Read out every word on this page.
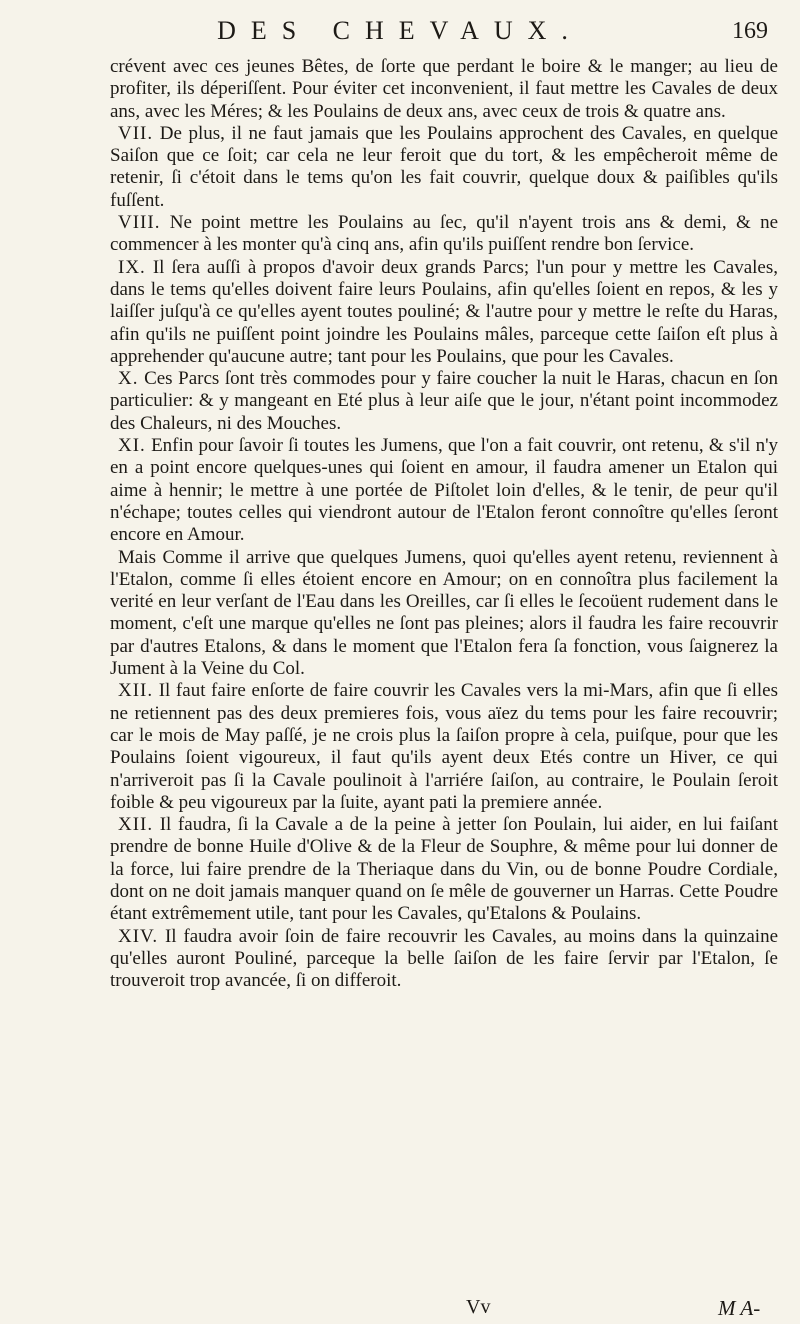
DES CHEVAUX.	169

crévent avec ces jeunes Bêtes, de ſorte que perdant le boire & le manger; au lieu de profiter, ils déperiſſent. Pour éviter cet inconvenient, il faut mettre les Cavales de deux ans, avec les Méres; & les Poulains de deux ans, avec ceux de trois & quatre ans.

VII. De plus, il ne faut jamais que les Poulains approchent des Cavales, en quelque Saiſon que ce ſoit; car cela ne leur feroit que du tort, & les empêcheroit même de retenir, ſi c'étoit dans le tems qu'on les fait couvrir, quelque doux & paiſibles qu'ils fuſſent.

VIII. Ne point mettre les Poulains au ſec, qu'il n'ayent trois ans & demi, & ne commencer à les monter qu'à cinq ans, afin qu'ils puiſſent rendre bon ſervice.

IX. Il ſera auſſi à propos d'avoir deux grands Parcs; l'un pour y mettre les Cavales, dans le tems qu'elles doivent faire leurs Poulains, afin qu'elles ſoient en repos, & les y laiſſer juſqu'à ce qu'elles ayent toutes pouliné; & l'autre pour y mettre le reſte du Haras, afin qu'ils ne puiſſent point joindre les Poulains mâles, parceque cette ſaiſon eſt plus à apprehender qu'aucune autre; tant pour les Poulains, que pour les Cavales.

X. Ces Parcs ſont très commodes pour y faire coucher la nuit le Haras, chacun en ſon particulier: & y mangeant en Eté plus à leur aiſe que le jour, n'étant point incommodez des Chaleurs, ni des Mouches.

XI. Enfin pour ſavoir ſi toutes les Jumens, que l'on a fait couvrir, ont retenu, & s'il n'y en a point encore quelques-unes qui ſoient en amour, il faudra amener un Etalon qui aime à hennir; le mettre à une portée de Piſtolet loin d'elles, & le tenir, de peur qu'il n'échape; toutes celles qui viendront autour de l'Etalon feront connoître qu'elles ſeront encore en Amour.

Mais Comme il arrive que quelques Jumens, quoi qu'elles ayent retenu, reviennent à l'Etalon, comme ſi elles étoient encore en Amour; on en connoîtra plus facilement la verité en leur verſant de l'Eau dans les Oreilles, car ſi elles le ſecoüent rudement dans le moment, c'eſt une marque qu'elles ne ſont pas pleines; alors il faudra les faire recouvrir par d'autres Etalons, & dans le moment que l'Etalon fera ſa fonction, vous ſaignerez la Jument à la Veine du Col.

XII. Il faut faire enſorte de faire couvrir les Cavales vers la mi-Mars, afin que ſi elles ne retiennent pas des deux premieres fois, vous aïez du tems pour les faire recouvrir; car le mois de May paſſé, je ne crois plus la ſaiſon propre à cela, puiſque, pour que les Poulains ſoient vigoureux, il faut qu'ils ayent deux Etés contre un Hiver, ce qui n'arriveroit pas ſi la Cavale poulinoit à l'arriére ſaiſon, au contraire, le Poulain ſeroit foible & peu vigoureux par la ſuite, ayant pati la premiere année.

XII. Il faudra, ſi la Cavale a de la peine à jetter ſon Poulain, lui aider, en lui faiſant prendre de bonne Huile d'Olive & de la Fleur de Souphre, & même pour lui donner de la force, lui faire prendre de la Theriaque dans du Vin, ou de bonne Poudre Cordiale, dont on ne doit jamais manquer quand on ſe mêle de gouverner un Harras. Cette Poudre étant extrêmement utile, tant pour les Cavales, qu'Etalons & Poulains.

XIV. Il faudra avoir ſoin de faire recouvrir les Cavales, au moins dans la quinzaine qu'elles auront Pouliné, parceque la belle ſaiſon de les faire ſervir par l'Etalon, ſe trouveroit trop avancée, ſi on differoit.

Vv	M A-
